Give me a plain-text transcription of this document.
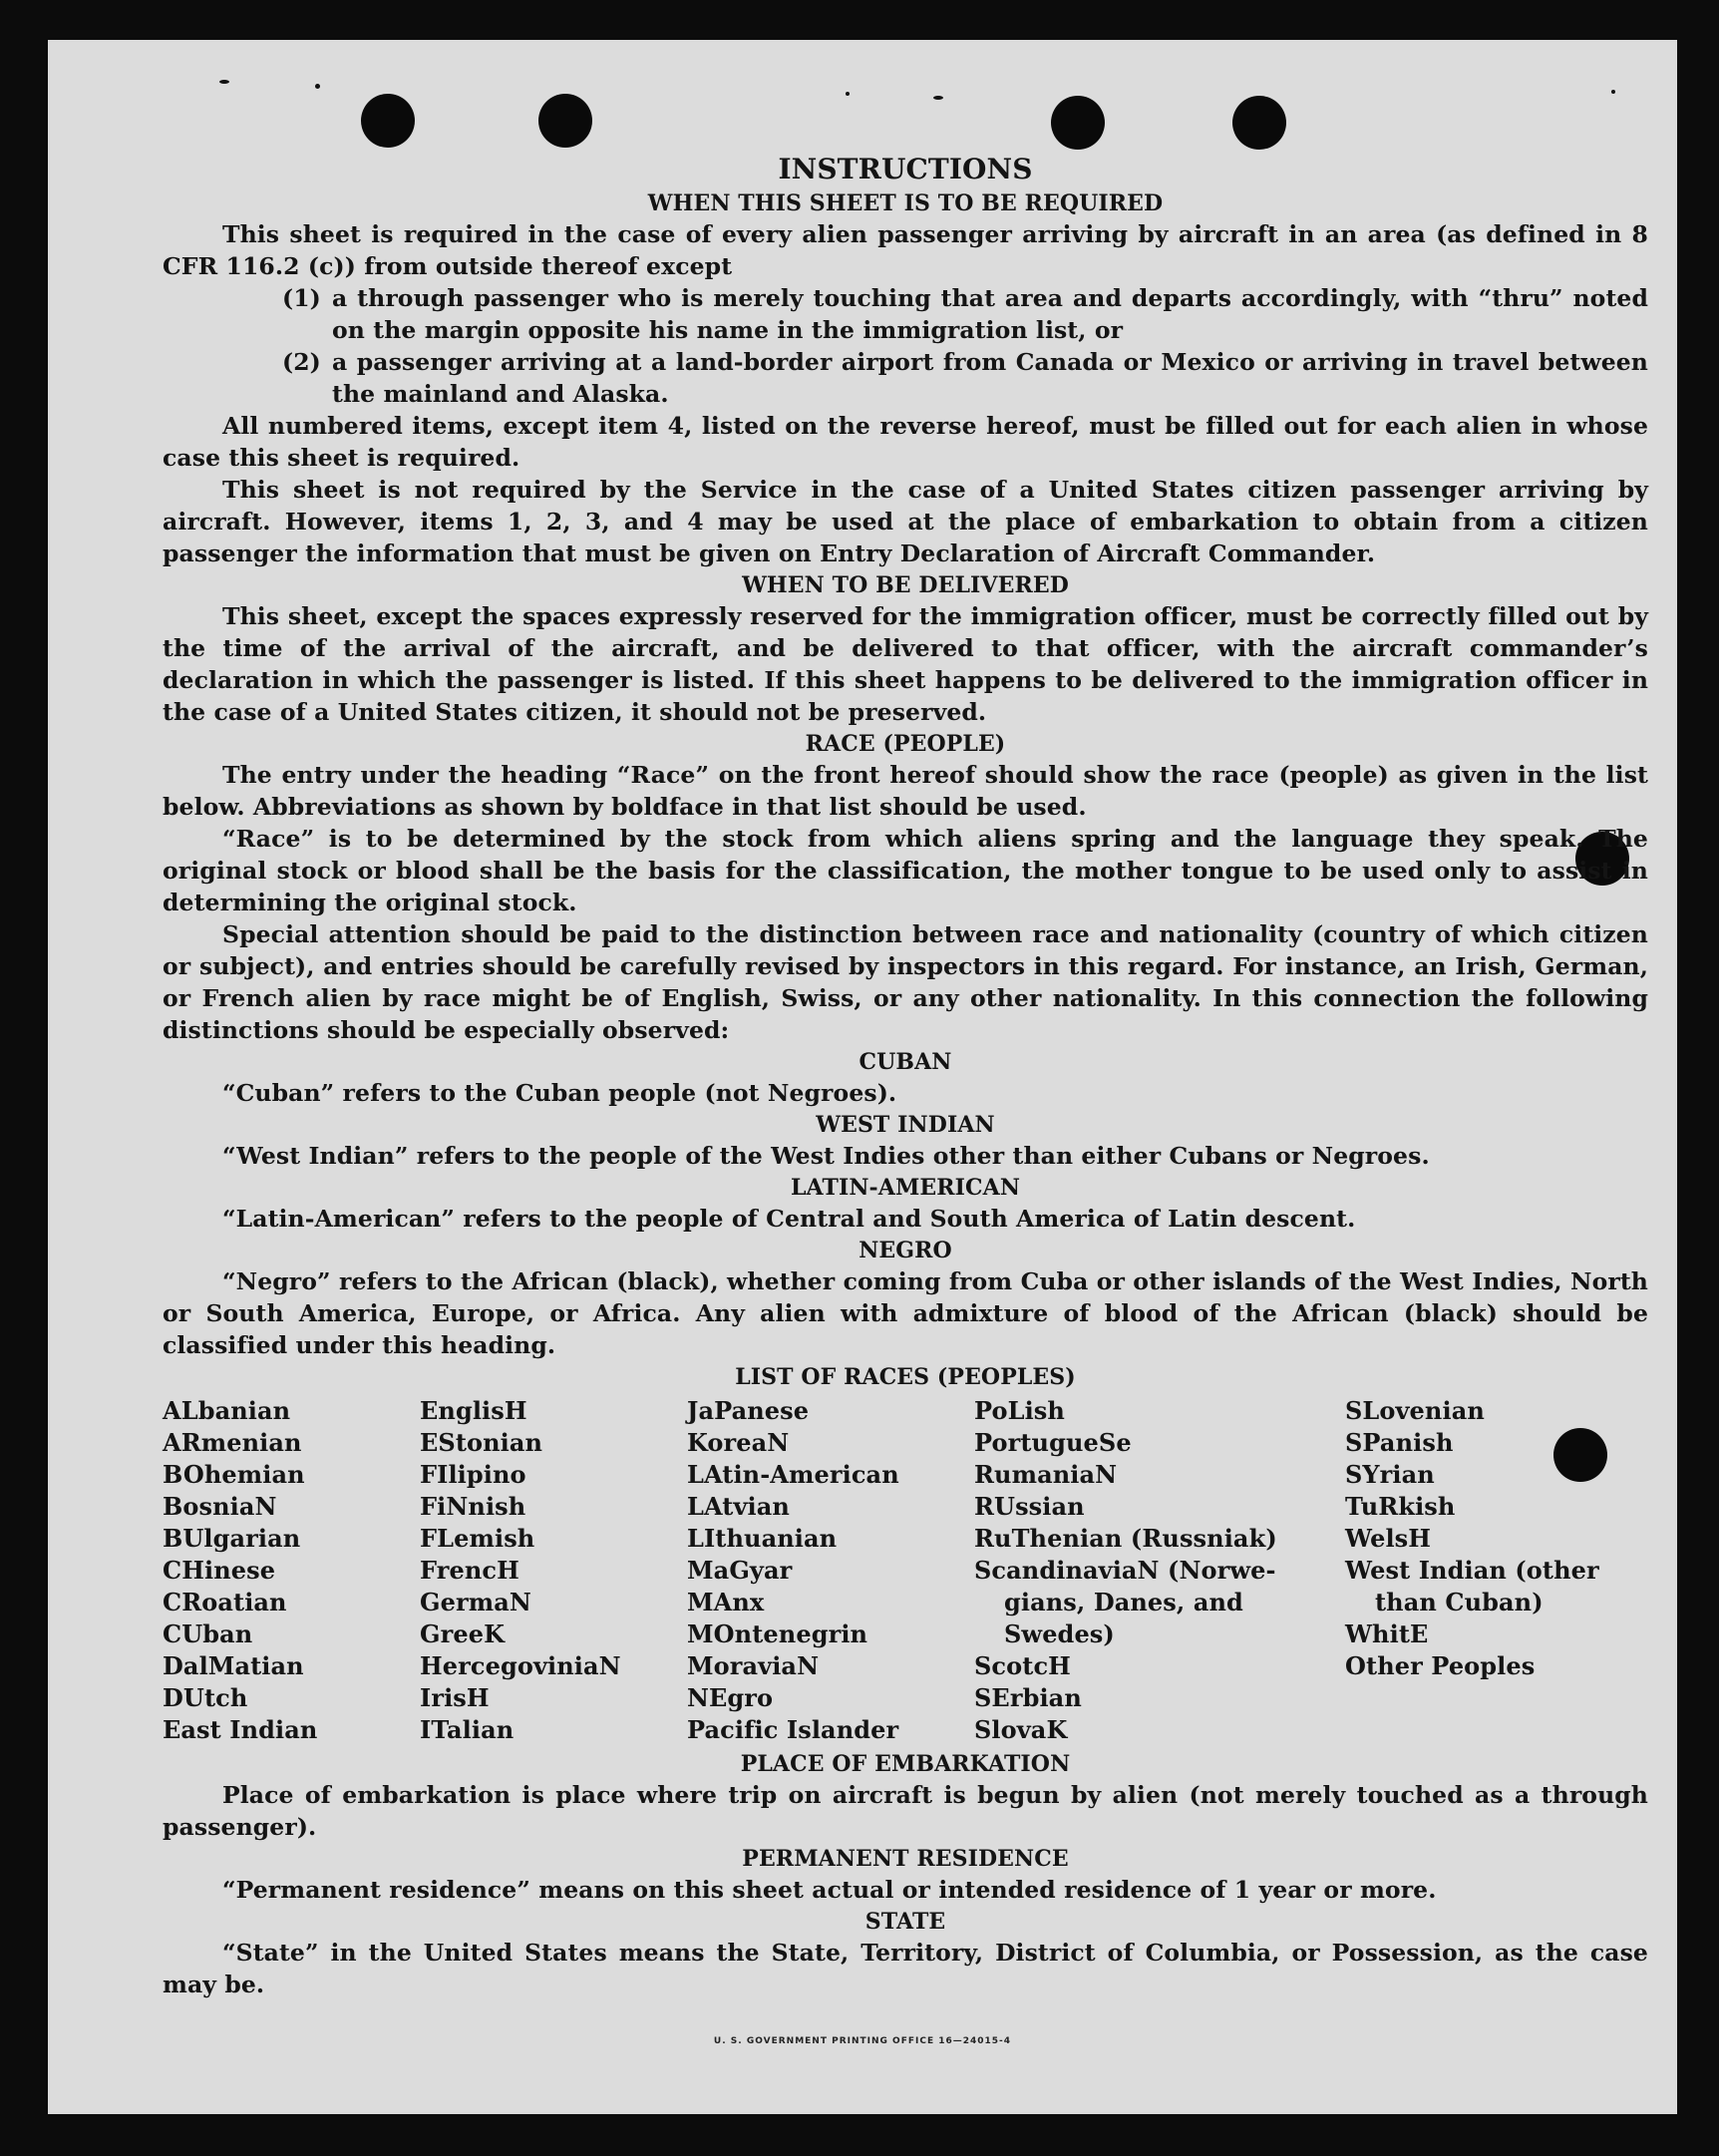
INSTRUCTIONS
WHEN THIS SHEET IS TO BE REQUIRED

This sheet is required in the case of every alien passenger arriving by aircraft in an area (as defined in 8 CFR 116.2 (c)) from outside thereof except

(1) a through passenger who is merely touching that area and departs accordingly, with “thru” noted on the margin opposite his name in the immigration list, or
(2) a passenger arriving at a land-border airport from Canada or Mexico or arriving in travel between the mainland and Alaska.

All numbered items, except item 4, listed on the reverse hereof, must be filled out for each alien in whose case this sheet is required.

This sheet is not required by the Service in the case of a United States citizen passenger arriving by aircraft. However, items 1, 2, 3, and 4 may be used at the place of embarkation to obtain from a citizen passenger the information that must be given on Entry Declaration of Aircraft Commander.

WHEN TO BE DELIVERED

This sheet, except the spaces expressly reserved for the immigration officer, must be correctly filled out by the time of the arrival of the aircraft, and be delivered to that officer, with the aircraft commander’s declaration in which the passenger is listed. If this sheet happens to be delivered to the immigration officer in the case of a United States citizen, it should not be preserved.

RACE (PEOPLE)

The entry under the heading “Race” on the front hereof should show the race (people) as given in the list below. Abbreviations as shown by boldface in that list should be used.

“Race” is to be determined by the stock from which aliens spring and the language they speak. The original stock or blood shall be the basis for the classification, the mother tongue to be used only to assist in determining the original stock.

Special attention should be paid to the distinction between race and nationality (country of which citizen or subject), and entries should be carefully revised by inspectors in this regard. For instance, an Irish, German, or French alien by race might be of English, Swiss, or any other nationality. In this connection the following distinctions should be especially observed:

CUBAN

“Cuban” refers to the Cuban people (not Negroes).

WEST INDIAN

“West Indian” refers to the people of the West Indies other than either Cubans or Negroes.

LATIN-AMERICAN

“Latin-American” refers to the people of Central and South America of Latin descent.

NEGRO

“Negro” refers to the African (black), whether coming from Cuba or other islands of the West Indies, North or South America, Europe, or Africa. Any alien with admixture of blood of the African (black) should be classified under this heading.

LIST OF RACES (PEOPLES)
ALbanian
ARmenian
BOhemian
BosniaN
BUlgarian
CHinese
CRoatian
CUban
DalMatian
DUtch
East Indian
EnglisH
EStonian
FIlipino
FiNnish
FLemish
FrencH
GermaN
GreeK
HercegoviniaN
IrisH
ITalian
JaPanese
KoreaN
LAtin-American
LAtvian
LIthuanian
MaGyar
MAnx
MOntenegrin
MoraviaN
NEgro
Pacific Islander
PoLish
PortugueSe
RumaniaN
RUssian
RuThenian (Russniak)
ScandinaviaN (Norwe-
gians, Danes, and
Swedes)
ScotcH
SErbian
SlovaK
SLovenian
SPanish
SYrian
TuRkish
WelsH
West Indian (other
than Cuban)
WhitE
Other Peoples
PLACE OF EMBARKATION

Place of embarkation is place where trip on aircraft is begun by alien (not merely touched as a through passenger).

PERMANENT RESIDENCE

“Permanent residence” means on this sheet actual or intended residence of 1 year or more.

STATE

“State” in the United States means the State, Territory, District of Columbia, or Possession, as the case may be.

U. S. GOVERNMENT PRINTING OFFICE 16—24015-4
